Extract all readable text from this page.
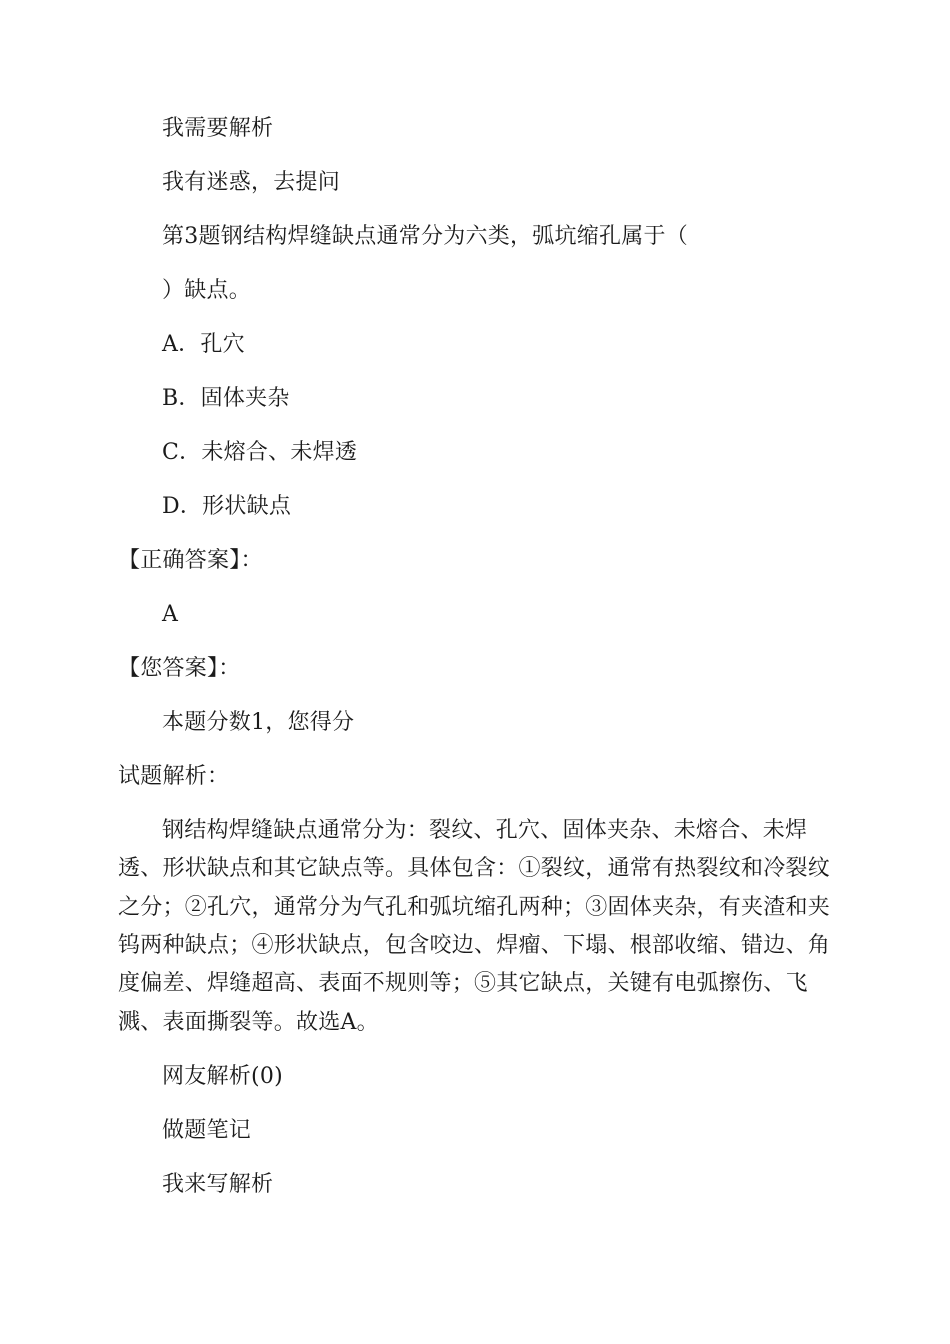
我需要解析
我有迷惑，去提问
第3题钢结构焊缝缺点通常分为六类，弧坑缩孔属于（
）缺点。
A．孔穴
B．固体夹杂
C．未熔合、未焊透
D．形状缺点
【正确答案】：
A
【您答案】：
本题分数1，您得分
试题解析：
钢结构焊缝缺点通常分为：裂纹、孔穴、固体夹杂、未熔合、未焊
透、形状缺点和其它缺点等。具体包含：①裂纹，通常有热裂纹和冷裂纹
之分；②孔穴，通常分为气孔和弧坑缩孔两种；③固体夹杂，有夹渣和夹
钨两种缺点；④形状缺点，包含咬边、焊瘤、下塌、根部收缩、错边、角
度偏差、焊缝超高、表面不规则等；⑤其它缺点，关键有电弧擦伤、飞
溅、表面撕裂等。故选A。
网友解析(0)
做题笔记
我来写解析
